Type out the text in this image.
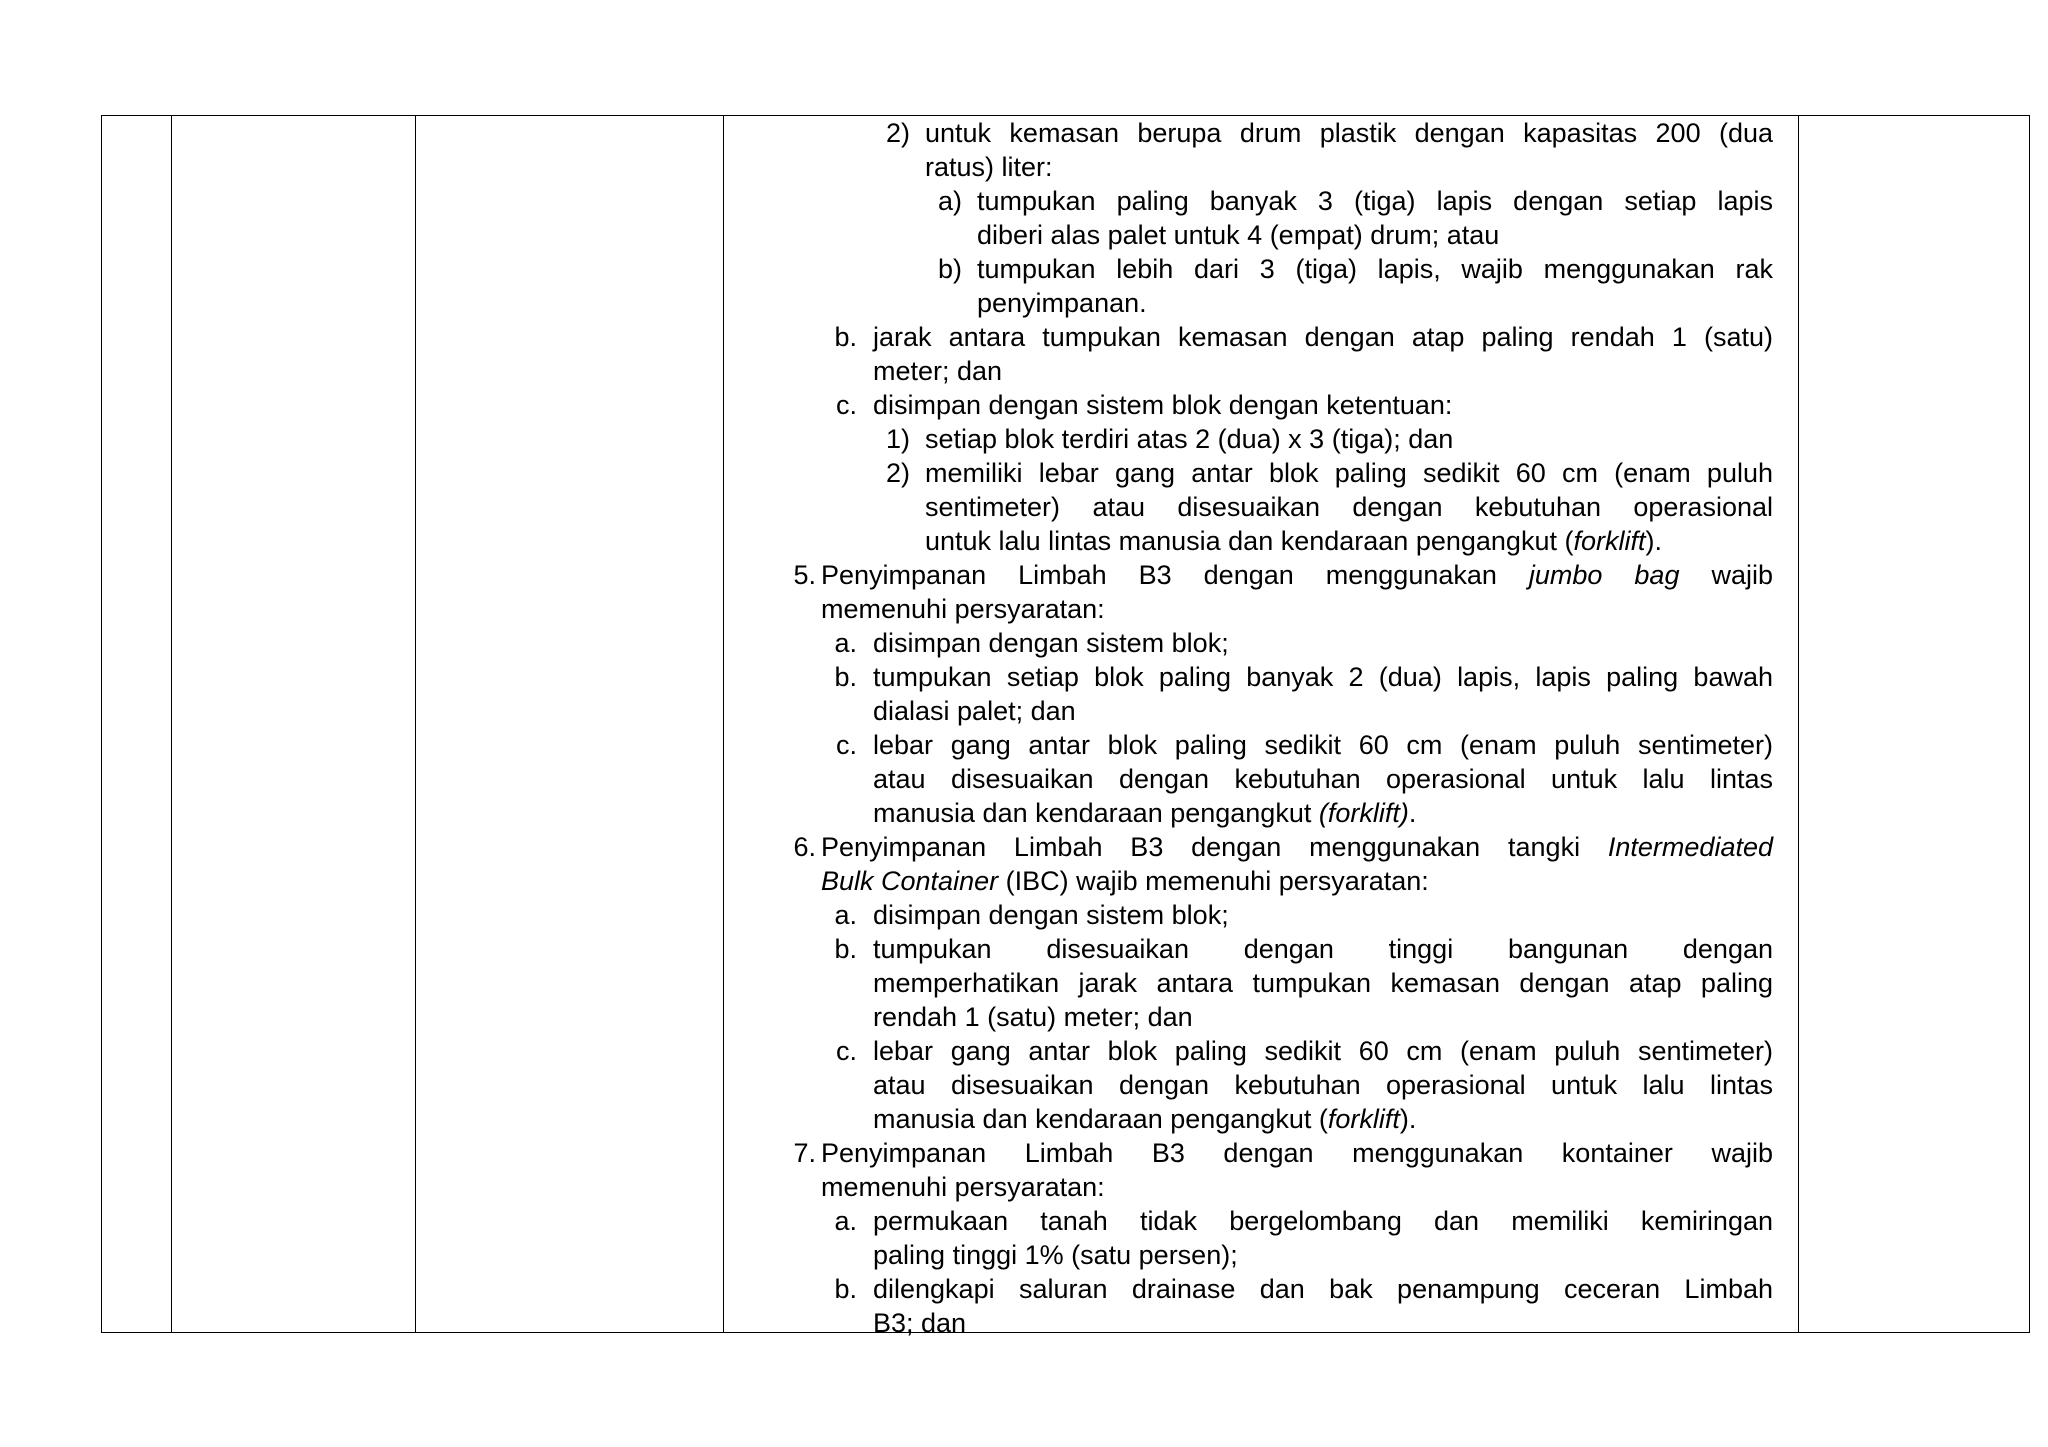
2) untuk kemasan berupa drum plastik dengan kapasitas 200 (dua

ratus) liter:

a) tumpukan paling banyak 3 (tiga) lapis dengan setiap lapis

diberi alas palet untuk 4 (empat) drum; atau

b) tumpukan lebih dari 3 (tiga) lapis, wajib menggunakan rak

penyimpanan.

b. jarak antara tumpukan kemasan dengan atap paling rendah 1 (satu)

meter; dan

c. disimpan dengan sistem blok dengan ketentuan:

1) setiap blok terdiri atas 2 (dua) x 3 (tiga); dan

2) memiliki lebar gang antar blok paling sedikit 60 cm (enam puluh

sentimeter) atau disesuaikan dengan kebutuhan operasional

untuk lalu lintas manusia dan kendaraan pengangkut (forklift).

5. Penyimpanan Limbah B3 dengan menggunakan jumbo bag wajib

memenuhi persyaratan:

a. disimpan dengan sistem blok;

b. tumpukan setiap blok paling banyak 2 (dua) lapis, lapis paling bawah

dialasi palet; dan

c. lebar gang antar blok paling sedikit 60 cm (enam puluh sentimeter)

atau disesuaikan dengan kebutuhan operasional untuk lalu lintas

manusia dan kendaraan pengangkut (forklift).

6. Penyimpanan Limbah B3 dengan menggunakan tangki Intermediated

Bulk Container (IBC) wajib memenuhi persyaratan:

a. disimpan dengan sistem blok;

b. tumpukan disesuaikan dengan tinggi bangunan dengan

memperhatikan jarak antara tumpukan kemasan dengan atap paling

rendah 1 (satu) meter; dan

c. lebar gang antar blok paling sedikit 60 cm (enam puluh sentimeter)

atau disesuaikan dengan kebutuhan operasional untuk lalu lintas

manusia dan kendaraan pengangkut (forklift).

7. Penyimpanan Limbah B3 dengan menggunakan kontainer wajib

memenuhi persyaratan:

a. permukaan tanah tidak bergelombang dan memiliki kemiringan

paling tinggi 1% (satu persen);

b. dilengkapi saluran drainase dan bak penampung ceceran Limbah

B3; dan
